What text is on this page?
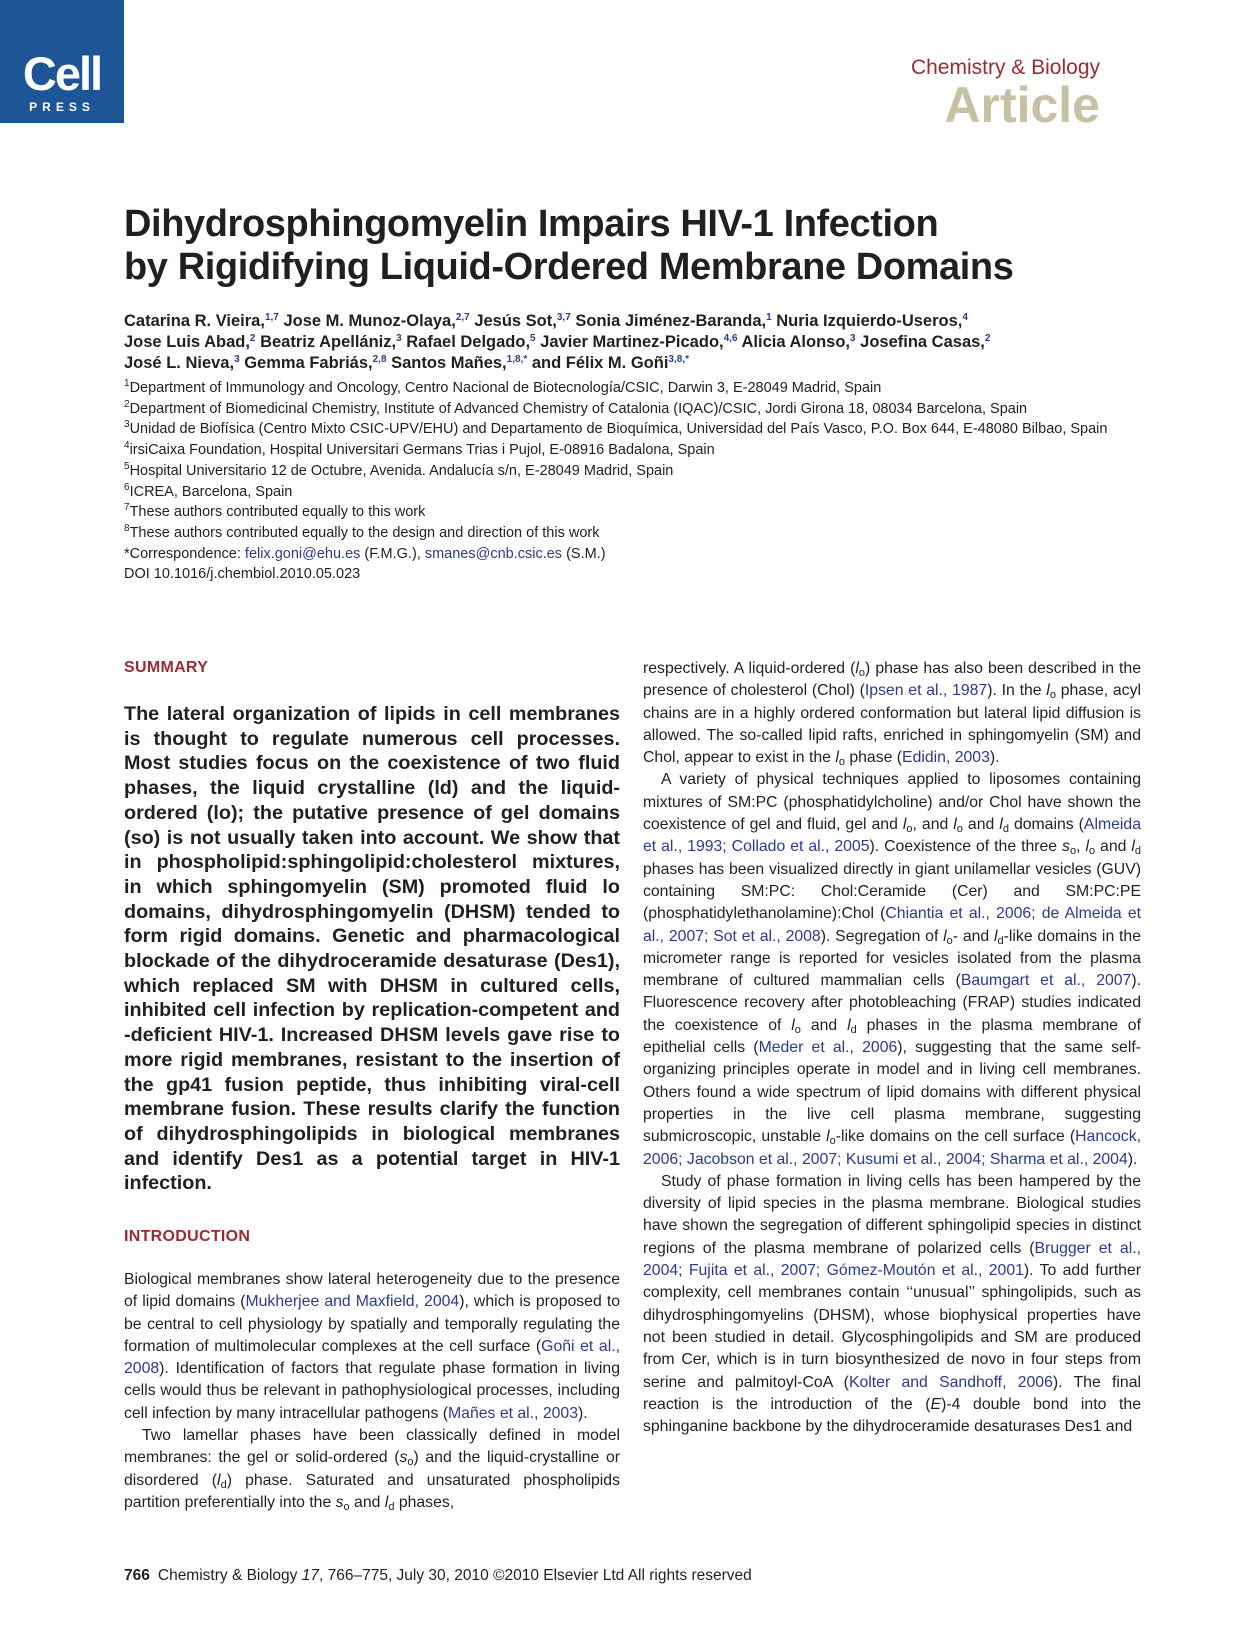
Cell
PRESS
Chemistry & Biology
Article
Dihydrosphingomyelin Impairs HIV-1 Infection
by Rigidifying Liquid-Ordered Membrane Domains
Catarina R. Vieira,$^{1,7}$ Jose M. Munoz-Olaya,$^{2,7}$ Jesús Sot,$^{3,7}$ Sonia Jiménez-Baranda,$^1$ Nuria Izquierdo-Useros,$^4$
Jose Luis Abad,$^2$ Beatriz Apellániz,$^3$ Rafael Delgado,$^5$ Javier Martinez-Picado,$^{4,6}$ Alicia Alonso,$^3$ Josefina Casas,$^2$
José L. Nieva,$^3$ Gemma Fabriás,$^{2,8}$ Santos Mañes,$^{1,8,*}$ and Félix M. Goñi$^{3,8,*}$
$^1$Department of Immunology and Oncology, Centro Nacional de Biotecnología/CSIC, Darwin 3, E-28049 Madrid, Spain
$^2$Department of Biomedicinal Chemistry, Institute of Advanced Chemistry of Catalonia (IQAC)/CSIC, Jordi Girona 18, 08034 Barcelona, Spain
$^3$Unidad de Biofísica (Centro Mixto CSIC-UPV/EHU) and Departamento de Bioquímica, Universidad del País Vasco, P.O. Box 644, E-48080 Bilbao, Spain
$^4$irsiCaixa Foundation, Hospital Universitari Germans Trias i Pujol, E-08916 Badalona, Spain
$^5$Hospital Universitario 12 de Octubre, Avenida. Andalucía s/n, E-28049 Madrid, Spain
$^6$ICREA, Barcelona, Spain
$^7$These authors contributed equally to this work
$^8$These authors contributed equally to the design and direction of this work
*Correspondence: felix.goni@ehu.es (F.M.G.), smanes@cnb.csic.es (S.M.)
DOI 10.1016/j.chembiol.2010.05.023
SUMMARY
The lateral organization of lipids in cell membranes is thought to regulate numerous cell processes. Most studies focus on the coexistence of two fluid phases, the liquid crystalline (ld) and the liquid-ordered (lo); the putative presence of gel domains (so) is not usually taken into account. We show that in phospholipid:sphingolipid:cholesterol mixtures, in which sphingomyelin (SM) promoted fluid lo domains, dihydrosphingomyelin (DHSM) tended to form rigid domains. Genetic and pharmacological blockade of the dihydroceramide desaturase (Des1), which replaced SM with DHSM in cultured cells, inhibited cell infection by replication-competent and -deficient HIV-1. Increased DHSM levels gave rise to more rigid membranes, resistant to the insertion of the gp41 fusion peptide, thus inhibiting viral-cell membrane fusion. These results clarify the function of dihydrosphingolipids in biological membranes and identify Des1 as a potential target in HIV-1 infection.
INTRODUCTION

Biological membranes show lateral heterogeneity due to the presence of lipid domains (Mukherjee and Maxfield, 2004), which is proposed to be central to cell physiology by spatially and temporally regulating the formation of multimolecular complexes at the cell surface (Goñi et al., 2008). Identification of factors that regulate phase formation in living cells would thus be relevant in pathophysiological processes, including cell infection by many intracellular pathogens (Mañes et al., 2003).

Two lamellar phases have been classically defined in model membranes: the gel or solid-ordered $(s_o)$ and the liquid-crystalline or disordered $(l_d)$ phase. Saturated and unsaturated phospholipids partition preferentially into the $s_o$ and $l_d$ phases,

respectively. A liquid-ordered $(l_o)$ phase has also been described in the presence of cholesterol (Chol) (Ipsen et al., 1987). In the $l_o$ phase, acyl chains are in a highly ordered conformation but lateral lipid diffusion is allowed. The so-called lipid rafts, enriched in sphingomyelin (SM) and Chol, appear to exist in the $l_o$ phase (Edidin, 2003).

A variety of physical techniques applied to liposomes containing mixtures of SM:PC (phosphatidylcholine) and/or Chol have shown the coexistence of gel and fluid, gel and $l_o$, and $l_o$ and $l_d$ domains (Almeida et al., 1993; Collado et al., 2005). Coexistence of the three $s_o$, $l_o$ and $l_d$ phases has been visualized directly in giant unilamellar vesicles (GUV) containing SM:PC: Chol:Ceramide (Cer) and SM:PC:PE (phosphatidylethanolamine):Chol (Chiantia et al., 2006; de Almeida et al., 2007; Sot et al., 2008). Segregation of $l_o-$ and $l_d$-like domains in the micrometer range is reported for vesicles isolated from the plasma membrane of cultured mammalian cells (Baumgart et al., 2007). Fluorescence recovery after photobleaching (FRAP) studies indicated the coexistence of $l_o$ and $l_d$ phases in the plasma membrane of epithelial cells (Meder et al., 2006), suggesting that the same self-organizing principles operate in model and in living cell membranes. Others found a wide spectrum of lipid domains with different physical properties in the live cell plasma membrane, suggesting submicroscopic, unstable $l_o$-like domains on the cell surface (Hancock, 2006; Jacobson et al., 2007; Kusumi et al., 2004; Sharma et al., 2004).

Study of phase formation in living cells has been hampered by the diversity of lipid species in the plasma membrane. Biological studies have shown the segregation of different sphingolipid species in distinct regions of the plasma membrane of polarized cells (Brugger et al., 2004; Fujita et al., 2007; Gómez-Moutón et al., 2001). To add further complexity, cell membranes contain ‘‘unusual’’ sphingolipids, such as dihydrosphingomyelins (DHSM), whose biophysical properties have not been studied in detail. Glycosphingolipids and SM are produced from Cer, which is in turn biosynthesized de novo in four steps from serine and palmitoyl-CoA (Kolter and Sandhoff, 2006). The final reaction is the introduction of the (E)-4 double bond into the sphinganine backbone by the dihydroceramide desaturases Des1 and

766 Chemistry & Biology 17, 766–775, July 30, 2010 ©2010 Elsevier Ltd All rights reserved
